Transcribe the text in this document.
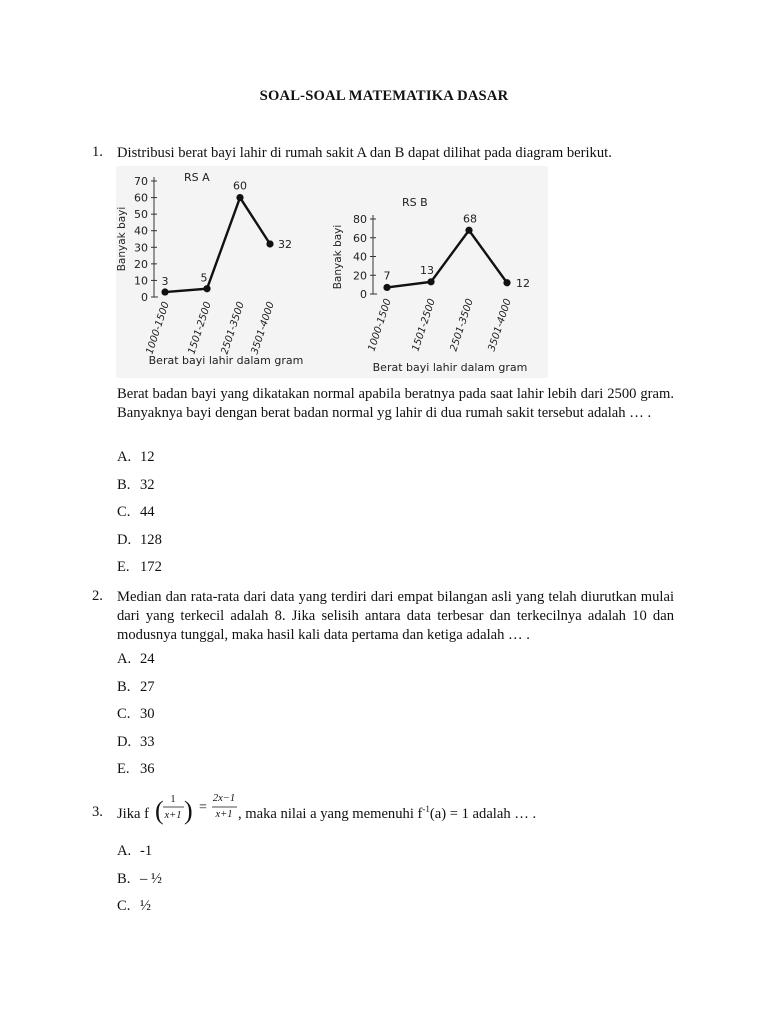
SOAL-SOAL MATEMATIKA DASAR
1. Distribusi berat bayi lahir di rumah sakit A dan B dapat dilihat pada diagram berikut.
RS A
0
10
20
30
40
50
60
70
Banyak bayi
3	5
60
32
1000-1500 1501-2500 2501-3500 3501-4000
Berat bayi lahir dalam gram
RS B
0
20
40
60
80
Banyak bayi	7	13
68
12
1000-1500 1501-2500 2501-3500 3501-4000
Berat bayi lahir dalam gram
Berat badan bayi yang dikatakan normal apabila beratnya pada saat lahir lebih dari 2500 gram. Banyaknya bayi dengan berat badan normal yg lahir di dua rumah sakit tersebut adalah … .
A. 12
B. 32
C. 44
D. 128
E. 172
2. Median dan rata-rata dari data yang terdiri dari empat bilangan asli yang telah diurutkan mulai dari yang terkecil adalah 8. Jika selisih antara data terbesar dan terkecilnya adalah 10 dan modusnya tunggal, maka hasil kali data pertama dan ketiga adalah … .
A. 24
B. 27
C. 30
D. 33
E. 36
3. Jika f ( 1
x+1 ) =
2x−1
x+1 , maka nilai a yang memenuhi $f^{-1}(a) = 1$ adalah … .
A. -1
B. – ½
C. ½
